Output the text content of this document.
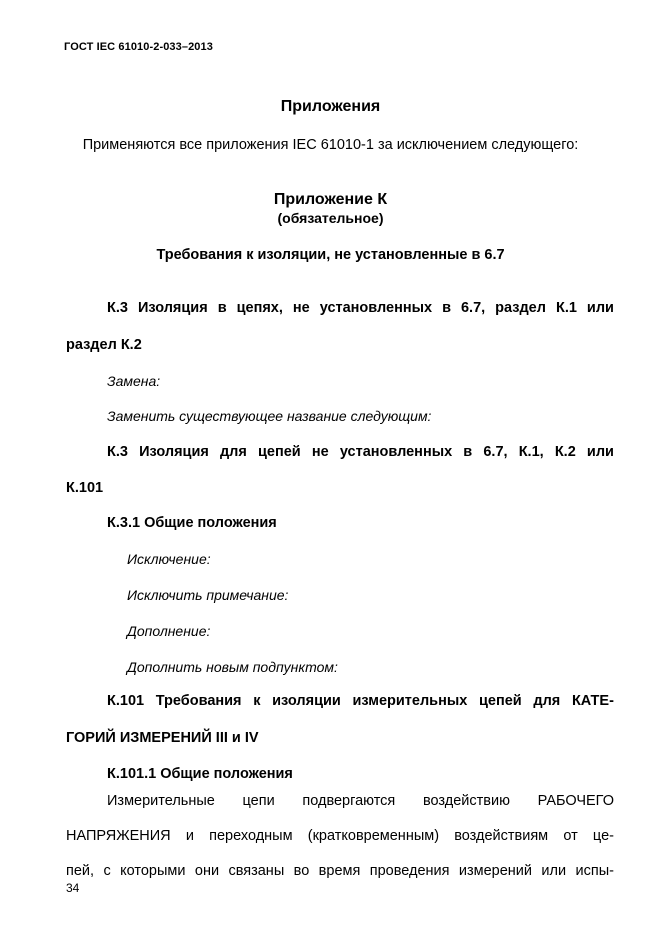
ГОСТ IEC 61010-2-033–2013
Приложения
Применяются все приложения IEC 61010-1 за исключением следующего:
Приложение К
(обязательное)
Требования к изоляции, не установленные в 6.7
К.3 Изоляция в цепях, не установленных в 6.7, раздел К.1 или
раздел К.2
Замена:
Заменить существующее название следующим:
К.3 Изоляция для цепей не установленных в 6.7, К.1, К.2 или
К.101
К.3.1 Общие положения
Исключение:
Исключить примечание:
Дополнение:
Дополнить новым подпунктом:
К.101 Требования к изоляции измерительных цепей для КАТЕ-
ГОРИЙ ИЗМЕРЕНИЙ III и IV
К.101.1 Общие положения
Измерительные цепи подвергаются воздействию РАБОЧЕГО
НАПРЯЖЕНИЯ и переходным (кратковременным) воздействиям от це-
пей, с которыми они связаны во время проведения измерений или испы-
34
